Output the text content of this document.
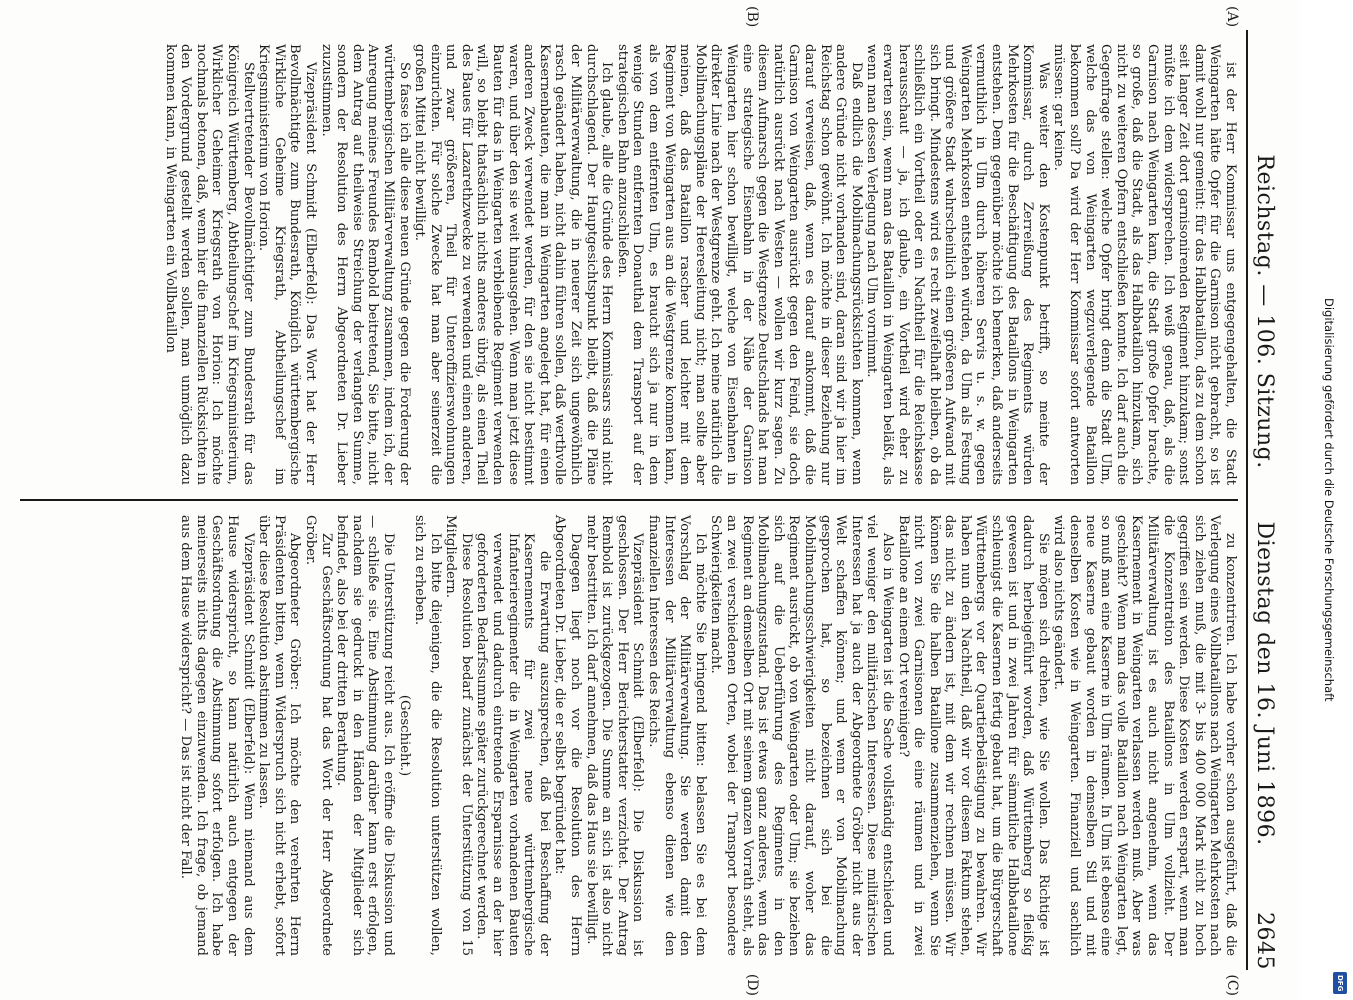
Reichstag. — 106. Sitzung.
Dienstag den 16. Juni 1896.
2645
(A)
(B)
(C)
(D)

ist der Herr Kommissar uns entgegengehalten, die Stadt Weingarten hätte Opfer für die Garnison nicht gebracht, so ist damit wohl nur gemeint: für das Halbbataillon, das zu dem schon seit langer Zeit dort garnisonirenden Regiment hinzukam; sonst müßte ich dem widersprechen. Ich weiß genau, daß, als die Garnison nach Weingarten kam, die Stadt große Opfer brachte, so große, daß die Stadt, als das Halbbataillon hinzukam, sich nicht zu weiteren Opfern entschließen konnte. Ich darf auch die Gegenfrage stellen: welche Opfer bringt denn die Stadt Ulm, welche das von Weingarten wegzuverlegende Bataillon bekommen soll? Da wird der Herr Kommissar sofort antworten müssen: gar keine.

Was weiter den Kostenpunkt betrifft, so meinte der Kommissar, durch Zerreißung des Regiments würden Mehrkosten für die Beschäftigung des Bataillons in Weingarten entstehen. Dem gegenüber möchte ich bemerken, daß anderseits vermuthlich in Ulm durch höheren Servis u. s. w. gegen Weingarten Mehrkosten entstehen würden, da Ulm als Festung und größere Stadt wahrscheinlich einen größeren Aufwand mit sich bringt. Mindestens wird es recht zweifelhaft bleiben, ob da schließlich ein Vortheil oder ein Nachtheil für die Reichskasse herausschaut — ja, ich glaube, ein Vortheil wird eher zu erwarten sein, wenn man das Bataillon in Weingarten beläßt, als wenn man dessen Verlegung nach Ulm vornimmt.

Daß endlich die Mobilmachungsrücksichten kommen, wenn andere Gründe nicht vorhanden sind, daran sind wir ja hier im Reichstag schon gewöhnt. Ich möchte in dieser Beziehung nur darauf verweisen, daß, wenn es darauf ankommt, daß die Garnison von Weingarten ausrückt gegen den Feind, sie doch natürlich ausrückt nach Westen — wollen wir kurz sagen. Zu diesem Aufmarsch gegen die Westgrenze Deutschlands hat man eine strategische Eisenbahn in der Nähe der Garnison Weingarten hier schon bewilligt, welche von Eisenbahnen in direkter Linie nach der Westgrenze geht. Ich meine natürlich die Mobilmachungspläne der Heeresleitung nicht; man sollte aber meinen, daß das Bataillon rascher und leichter mit dem Regiment von Weingarten aus an die Westgrenze kommen kann, als von dem entfernten Ulm, es braucht sich ja nur in dem wenige Stunden entfernten Donauthal dem Transport auf der strategischen Bahn anzuschließen.

Ich glaube, alle die Gründe des Herrn Kommissars sind nicht durchschlagend. Der Hauptgesichtspunkt bleibt, daß die Pläne der Militärverwaltung, die in neuerer Zeit sich ungewöhnlich rasch geändert haben, nicht dahin führen sollen, daß werthvolle Kasernenbauten, die man in Weingarten angelegt hat, für einen anderen Zweck verwendet werden, für den sie nicht bestimmt waren, und über den sie weit hinausgehen. Wenn man jetzt diese Bauten für das in Weingarten verbleibende Regiment verwenden will, so bleibt thatsächlich nichts anderes übrig, als einen Theil des Baues für Lazarethzwecke zu verwenden und einen anderen, und zwar größeren, Theil für Unteroffizierswohnungen einzurichten. Für solche Zwecke hat man aber seinerzeit die großen Mittel nicht bewilligt.

So fasse ich alle diese neuen Gründe gegen die Forderung der württembergischen Militärverwaltung zusammen, indem ich, der Anregung meines Freundes Rembold beitretend, Sie bitte, nicht dem Antrag auf theilweise Streichung der verlangten Summe, sondern der Resolution des Herrn Abgeordneten Dr. Lieber zuzustimmen.

Vizepräsident Schmidt (Elberfeld): Das Wort hat der Herr Bevollmächtigte zum Bundesrath, Königlich württembergische Wirkliche Geheime Kriegsrath, Abtheilungschef im Kriegsministerium von Horion.

Stellvertretender Bevollmächtigter zum Bundesrath für das Königreich Württemberg, Abtheilungschef im Kriegsministerium, Wirklicher Geheimer Kriegsrath von Horion: Ich möchte nochmals betonen, daß, wenn hier die finanziellen Rücksichten in den Vordergrund gestellt werden sollen, man unmöglich dazu kommen kann, in Weingarten ein Vollbataillon

zu konzentriren. Ich habe vorher schon ausgeführt, daß die Verlegung eines Vollbataillons nach Weingarten Mehrkosten nach sich ziehen muß, die mit 3- bis 400 000 Mark nicht zu hoch gegriffen sein werden. Diese Kosten werden erspart, wenn man die Konzentration des Bataillons in Ulm vollzieht. Der Militärverwaltung ist es auch nicht angenehm, wenn das Kasernement in Weingarten verlassen werden muß. Aber was geschieht? Wenn man das volle Bataillon nach Weingarten legt, so muß man eine Kaserne in Ulm räumen. In Ulm ist ebenso eine neue Kaserne gebaut worden in demselben Stil und mit denselben Kosten wie in Weingarten. Finanziell und sachlich wird also nichts geändert.

Sie mögen sich drehen, wie Sie wollen. Das Richtige ist dadurch herbeigeführt worden, daß Württemberg so fleißig gewesen ist und in zwei Jahren für sämmtliche Halbbataillone schleunigst die Kasernen fertig gebaut hat, um die Bürgerschaft Württembergs vor der Quartierbelästigung zu bewahren. Wir haben nun den Nachtheil, daß wir vor diesem Faktum stehen, das nicht zu ändern ist, mit dem wir rechnen müssen. Wir können Sie die halben Bataillone zusammenziehen, wenn Sie nicht von zwei Garnisonen die eine räumen und in zwei Bataillone an einem Ort vereinigen?

Also in Weingarten ist die Sache vollständig entschieden und viel weniger den militärischen Interessen. Diese militärischen Interessen hat ja auch der Abgeordnete Gröber nicht aus der Welt schaffen können; und wenn er von Mobilmachung gesprochen hat, so bezeichnen sich bei die Mobilmachungsschwierigkeiten nicht darauf, woher das Regiment ausrückt, ob von Weingarten oder Ulm; sie beziehen sich auf die Ueberführung des Regiments in den Mobilmachungszustand. Das ist etwas ganz anderes, wenn das Regiment an demselben Ort mit seinem ganzen Vorrath steht, als an zwei verschiedenen Orten, wobei der Transport besondere Schwierigkeiten macht.

Ich möchte Sie bringend bitten: belassen Sie es bei dem Vorschlag der Militärverwaltung. Sie werden damit den Interessen der Militärverwaltung ebenso dienen wie den finanziellen Interessen des Reichs.

Vizepräsident Schmidt (Elberfeld): Die Diskussion ist geschlossen. Der Herr Berichterstatter verzichtet. Der Antrag Rembold ist zurückgezogen. Die Summe an sich ist also nicht mehr bestritten. Ich darf annehmen, daß das Haus sie bewilligt.

Dagegen liegt noch vor die Resolution des Herrn Abgeordneten Dr. Lieber, die er selbst begründet hat:

die Erwartung auszusprechen, daß bei Beschaffung der Kasernements für zwei neue württembergische Infanterieregimenter die in Weingarten vorhandenen Bauten verwendet und dadurch eintretende Ersparnisse an der hier geforderten Bedarfssumme später zurückgerechnet werden.

Diese Resolution bedarf zunächst der Unterstützung von 15 Mitgliedern.

Ich bitte diejenigen, die die Resolution unterstützen wollen, sich zu erheben.

(Geschieht.)

Die Unterstützung reicht aus. Ich eröffne die Diskussion und — schließe sie. Eine Abstimmung darüber kann erst erfolgen, nachdem sie gedruckt in den Händen der Mitglieder sich befindet, also bei der dritten Berathung.

Zur Geschäftsordnung hat das Wort der Herr Abgeordnete Gröber.

Abgeordneter Gröber: Ich möchte den verehrten Herrn Präsidenten bitten, wenn Widerspruch sich nicht erhebt, sofort über diese Resolution abstimmen zu lassen.

Vizepräsident Schmidt (Elberfeld): Wenn niemand aus dem Hause widerspricht, so kann natürlich auch entgegen der Geschäftsordnung die Abstimmung sofort erfolgen. Ich habe meinerseits nichts dagegen einzuwenden. Ich frage, ob jemand aus dem Hause widerspricht? — Das ist nicht der Fall.	Digitalisierung gefördert durch die Deutsche Forschungsgemeinschaft
DFG
